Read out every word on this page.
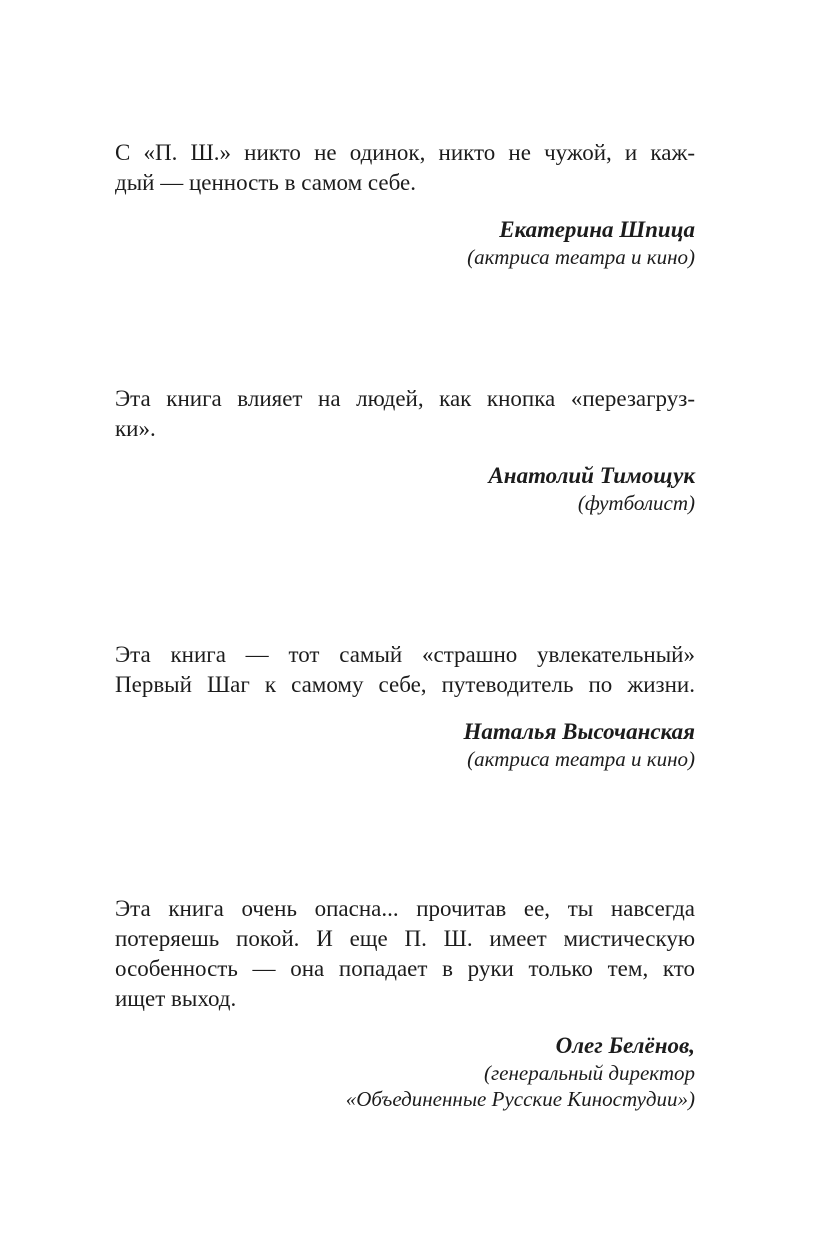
С «П. Ш.» никто не одинок, никто не чужой, и каж-

дый — ценность в самом себе.

Екатерина Шпица

(актриса театра и кино)

Эта книга влияет на людей, как кнопка «перезагруз-

ки».

Анатолий Тимощук

(футболист)

Эта книга — тот самый «страшно увлекательный»

Первый Шаг к самому себе, путеводитель по жизни.

Наталья Высочанская

(актриса театра и кино)

Эта книга очень опасна... прочитав ее, ты навсегда

потеряешь покой. И еще П. Ш. имеет мистическую

особенность — она попадает в руки только тем, кто

ищет выход.

Олег Белёнов,

(генеральный директор

«Объединенные Русские Киностудии»)
